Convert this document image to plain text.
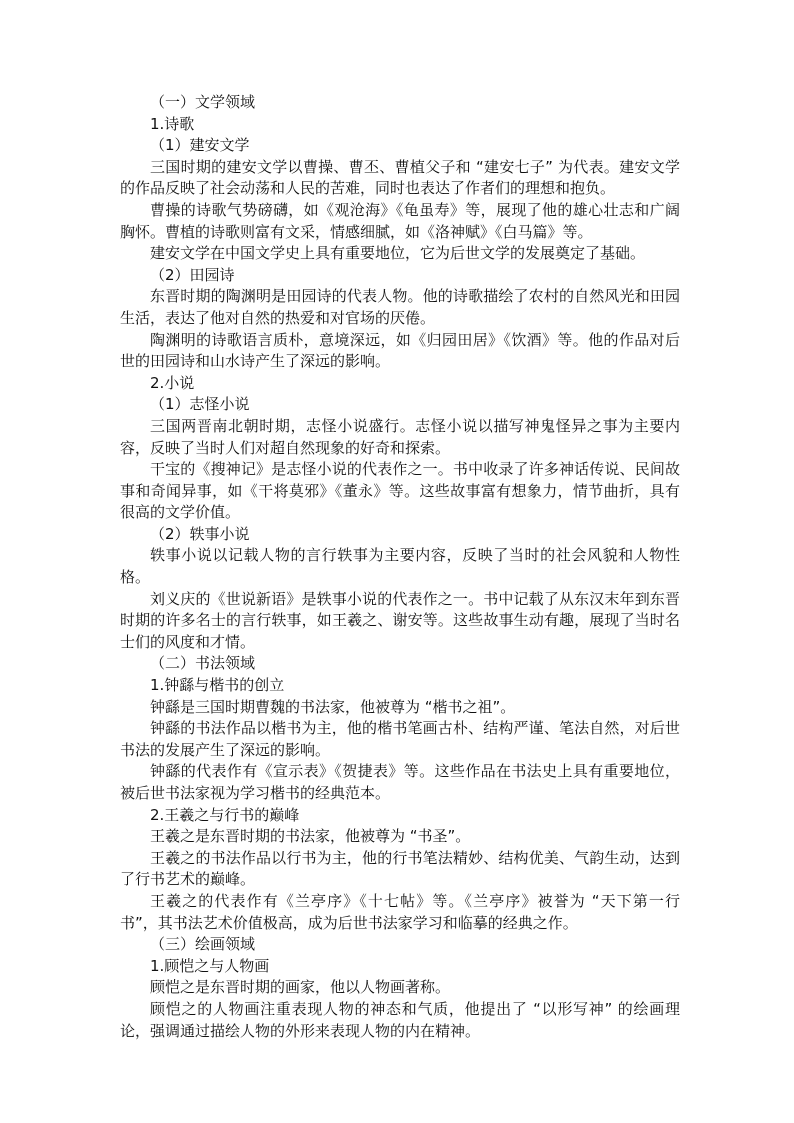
（一）文学领域

1.诗歌

（1）建安文学

三国时期的建安文学以曹操、曹丕、曹植父子和 “建安七子” 为代表。建安文学的作品反映了社会动荡和人民的苦难，同时也表达了作者们的理想和抱负。

曹操的诗歌气势磅礴，如《观沧海》《龟虽寿》等，展现了他的雄心壮志和广阔胸怀。曹植的诗歌则富有文采，情感细腻，如《洛神赋》《白马篇》等。

建安文学在中国文学史上具有重要地位，它为后世文学的发展奠定了基础。

（2）田园诗

东晋时期的陶渊明是田园诗的代表人物。他的诗歌描绘了农村的自然风光和田园生活，表达了他对自然的热爱和对官场的厌倦。

陶渊明的诗歌语言质朴，意境深远，如《归园田居》《饮酒》等。他的作品对后世的田园诗和山水诗产生了深远的影响。

2.小说

（1）志怪小说

三国两晋南北朝时期，志怪小说盛行。志怪小说以描写神鬼怪异之事为主要内容，反映了当时人们对超自然现象的好奇和探索。

干宝的《搜神记》是志怪小说的代表作之一。书中收录了许多神话传说、民间故事和奇闻异事，如《干将莫邪》《董永》等。这些故事富有想象力，情节曲折，具有很高的文学价值。

（2）轶事小说

轶事小说以记载人物的言行轶事为主要内容，反映了当时的社会风貌和人物性格。

刘义庆的《世说新语》是轶事小说的代表作之一。书中记载了从东汉末年到东晋时期的许多名士的言行轶事，如王羲之、谢安等。这些故事生动有趣，展现了当时名士们的风度和才情。

（二）书法领域

1.钟繇与楷书的创立

钟繇是三国时期曹魏的书法家，他被尊为 “楷书之祖”。

钟繇的书法作品以楷书为主，他的楷书笔画古朴、结构严谨、笔法自然，对后世书法的发展产生了深远的影响。

钟繇的代表作有《宣示表》《贺捷表》等。这些作品在书法史上具有重要地位，被后世书法家视为学习楷书的经典范本。

2.王羲之与行书的巅峰

王羲之是东晋时期的书法家，他被尊为 “书圣”。

王羲之的书法作品以行书为主，他的行书笔法精妙、结构优美、气韵生动，达到了行书艺术的巅峰。

王羲之的代表作有《兰亭序》《十七帖》等。《兰亭序》被誉为 “天下第一行书”，其书法艺术价值极高，成为后世书法家学习和临摹的经典之作。

（三）绘画领域

1.顾恺之与人物画

顾恺之是东晋时期的画家，他以人物画著称。

顾恺之的人物画注重表现人物的神态和气质，他提出了 “以形写神” 的绘画理论，强调通过描绘人物的外形来表现人物的内在精神。
